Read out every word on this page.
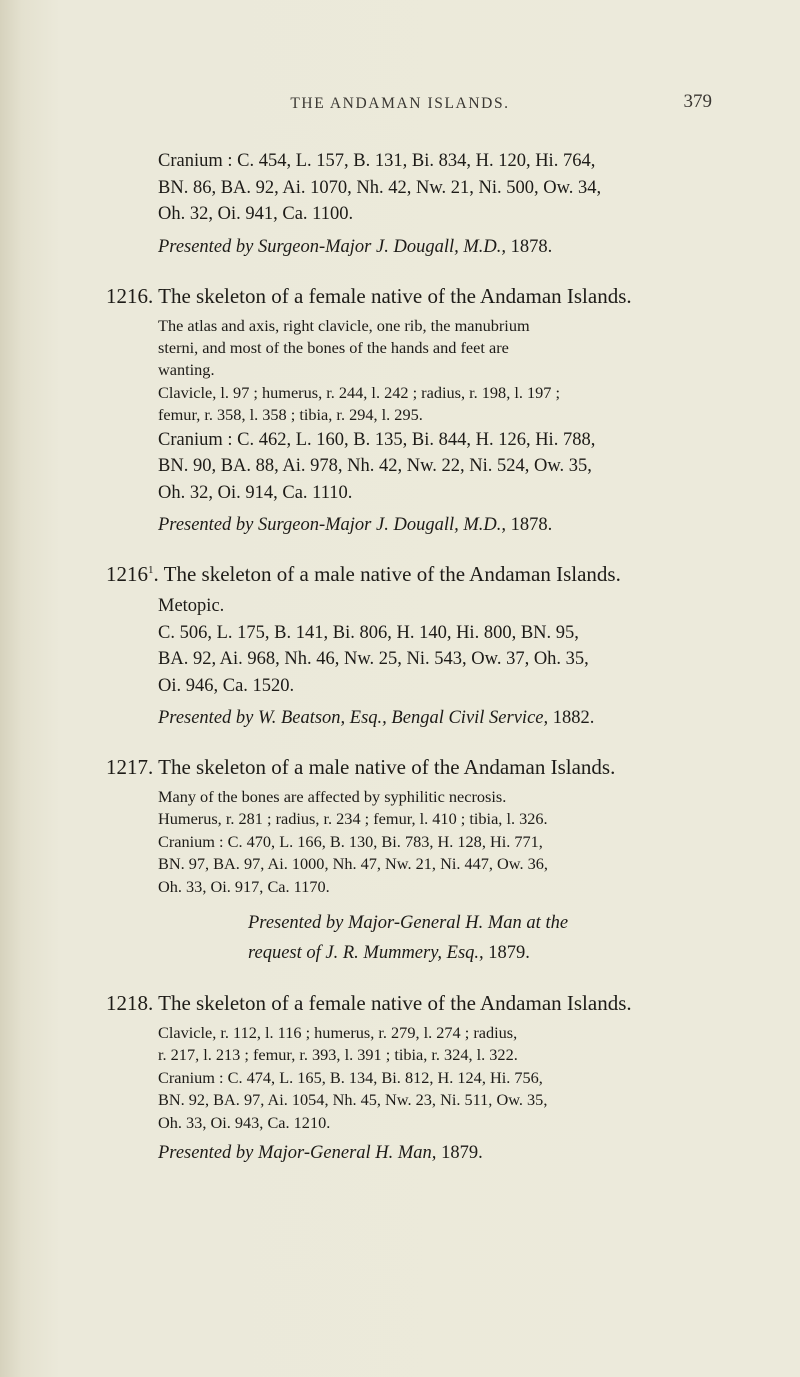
THE ANDAMAN ISLANDS.	379

Cranium : C. 454, L. 157, B. 131, Bi. 834, H. 120, Hi. 764,

BN. 86, BA. 92, Ai. 1070, Nh. 42, Nw. 21, Ni. 500, Ow. 34,

Oh. 32, Oi. 941, Ca. 1100.

Presented by Surgeon-Major J. Dougall, M.D., 1878.

1216. The skeleton of a female native of the Andaman Islands.
The atlas and axis, right clavicle, one rib, the manubrium
sterni, and most of the bones of the hands and feet are
wanting.
Clavicle, l. 97 ; humerus, r. 244, l. 242 ; radius, r. 198, l. 197 ;
femur, r. 358, l. 358 ; tibia, r. 294, l. 295.

Cranium : C. 462, L. 160, B. 135, Bi. 844, H. 126, Hi. 788,

BN. 90, BA. 88, Ai. 978, Nh. 42, Nw. 22, Ni. 524, Ow. 35,

Oh. 32, Oi. 914, Ca. 1110.

Presented by Surgeon-Major J. Dougall, M.D., 1878.

1216$^1$. The skeleton of a male native of the Andaman Islands.

Metopic.

C. 506, L. 175, B. 141, Bi. 806, H. 140, Hi. 800, BN. 95,

BA. 92, Ai. 968, Nh. 46, Nw. 25, Ni. 543, Ow. 37, Oh. 35,

Oi. 946, Ca. 1520.

Presented by W. Beatson, Esq., Bengal Civil Service, 1882.

1217. The skeleton of a male native of the Andaman Islands.
Many of the bones are affected by syphilitic necrosis.
Humerus, r. 281 ; radius, r. 234 ; femur, l. 410 ; tibia, l. 326.
Cranium : C. 470, L. 166, B. 130, Bi. 783, H. 128, Hi. 771,
BN. 97, BA. 97, Ai. 1000, Nh. 47, Nw. 21, Ni. 447, Ow. 36,
Oh. 33, Oi. 917, Ca. 1170.
Presented by Major-General H. Man at the
request of J. R. Mummery, Esq., 1879.
1218. The skeleton of a female native of the Andaman Islands.
Clavicle, r. 112, l. 116 ; humerus, r. 279, l. 274 ; radius,
r. 217, l. 213 ; femur, r. 393, l. 391 ; tibia, r. 324, l. 322.
Cranium : C. 474, L. 165, B. 134, Bi. 812, H. 124, Hi. 756,
BN. 92, BA. 97, Ai. 1054, Nh. 45, Nw. 23, Ni. 511, Ow. 35,
Oh. 33, Oi. 943, Ca. 1210.

Presented by Major-General H. Man, 1879.
